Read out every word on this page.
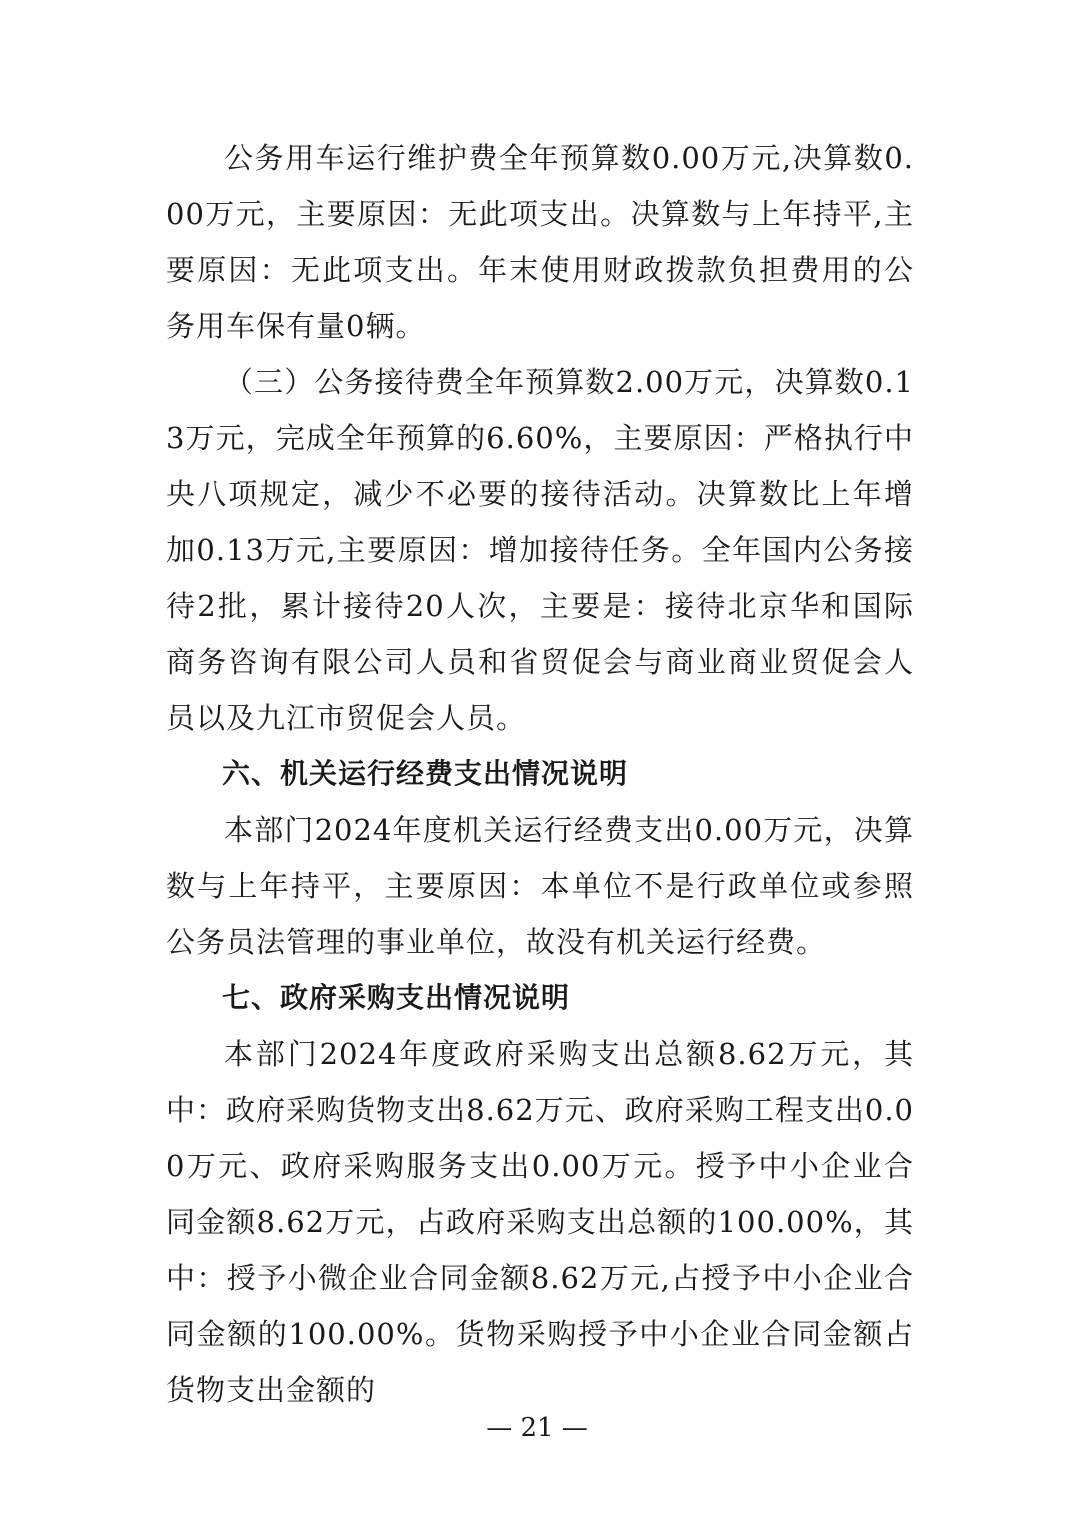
公务用车运行维护费全年预算数0.00万元,决算数0.00万元，主要原因：无此项支出。决算数与上年持平,主要原因：无此项支出。年末使用财政拨款负担费用的公务用车保有量0辆。

（三）公务接待费全年预算数2.00万元，决算数0.13万元，完成全年预算的6.60%，主要原因：严格执行中央八项规定，减少不必要的接待活动。决算数比上年增加0.13万元,主要原因：增加接待任务。全年国内公务接待2批，累计接待20人次，主要是：接待北京华和国际商务咨询有限公司人员和省贸促会与商业商业贸促会人员以及九江市贸促会人员。

六、机关运行经费支出情况说明

本部门2024年度机关运行经费支出0.00万元，决算数与上年持平，主要原因：本单位不是行政单位或参照公务员法管理的事业单位，故没有机关运行经费。

七、政府采购支出情况说明

本部门2024年度政府采购支出总额8.62万元，其中：政府采购货物支出8.62万元、政府采购工程支出0.00万元、政府采购服务支出0.00万元。授予中小企业合同金额8.62万元，占政府采购支出总额的100.00%，其中：授予小微企业合同金额8.62万元,占授予中小企业合同金额的100.00%。货物采购授予中小企业合同金额占货物支出金额的

— 21 —
